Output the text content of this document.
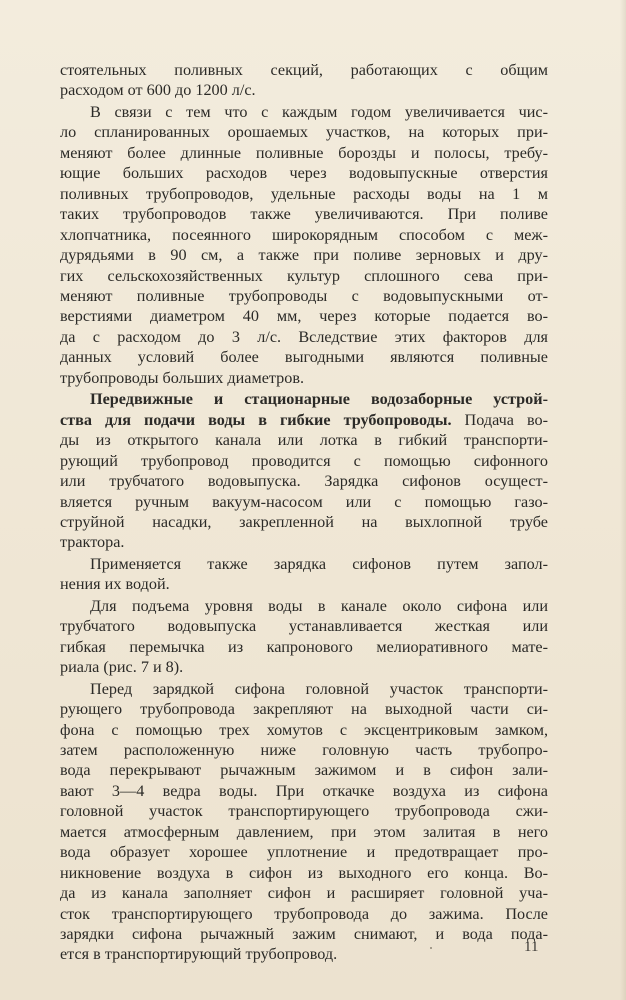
стоятельных поливных секций, работающих с общим
расходом от 600 до 1200 л/с.
В связи с тем что с каждым годом увеличивается чис-
ло спланированных орошаемых участков, на которых при-
меняют более длинные поливные борозды и полосы, требу-
ющие больших расходов через водовыпускные отверстия
поливных трубопроводов, удельные расходы воды на 1 м
таких трубопроводов также увеличиваются. При поливе
хлопчатника, посеянного широкорядным способом с меж-
дурядьями в 90 см, а также при поливе зерновых и дру-
гих сельскохозяйственных культур сплошного сева при-
меняют поливные трубопроводы с водовыпускными от-
верстиями диаметром 40 мм, через которые подается во-
да с расходом до 3 л/с. Вследствие этих факторов для
данных условий более выгодными являются поливные
трубопроводы больших диаметров.
Передвижные и стационарные водозаборные устрой-
ства для подачи воды в гибкие трубопроводы. Подача во-
ды из открытого канала или лотка в гибкий транспорти-
рующий трубопровод проводится с помощью сифонного
или трубчатого водовыпуска. Зарядка сифонов осущест-
вляется ручным вакуум-насосом или с помощью газо-
струйной насадки, закрепленной на выхлопной трубе
трактора.
Применяется также зарядка сифонов путем запол-
нения их водой.
Для подъема уровня воды в канале около сифона или
трубчатого водовыпуска устанавливается жесткая или
гибкая перемычка из капронового мелиоративного мате-
риала (рис. 7 и 8).
Перед зарядкой сифона головной участок транспорти-
рующего трубопровода закрепляют на выходной части си-
фона с помощью трех хомутов с эксцентриковым замком,
затем расположенную ниже головную часть трубопро-
вода перекрывают рычажным зажимом и в сифон зали-
вают 3—4 ведра воды. При откачке воздуха из сифона
головной участок транспортирующего трубопровода сжи-
мается атмосферным давлением, при этом залитая в него
вода образует хорошее уплотнение и предотвращает про-
никновение воздуха в сифон из выходного его конца. Во-
да из канала заполняет сифон и расширяет головной уча-
сток транспортирующего трубопровода до зажима. После
зарядки сифона рычажный зажим снимают, и вода пода-
ется в транспортирующий трубопровод.	11
